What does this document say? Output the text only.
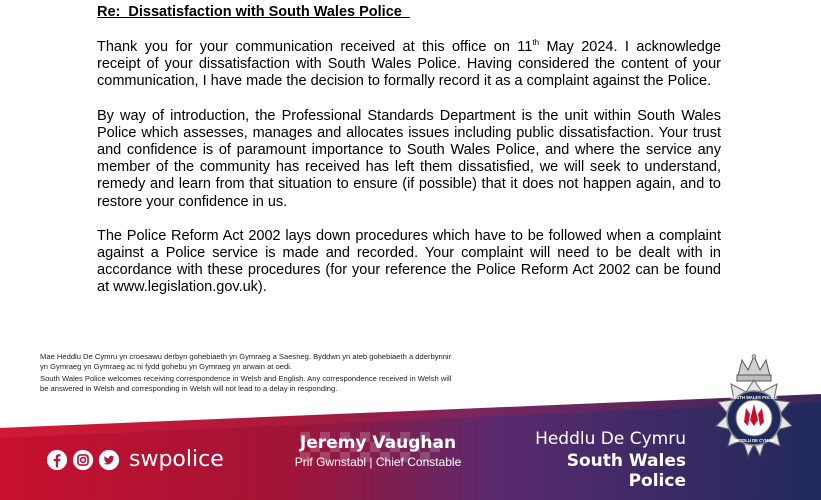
Re:  Dissatisfaction with South Wales Police

Thank you for your communication received at this office on 11th May 2024. I acknowledge receipt of your dissatisfaction with South Wales Police. Having considered the content of your communication, I have made the decision to formally record it as a complaint against the Police.

By way of introduction, the Professional Standards Department is the unit within South Wales Police which assesses, manages and allocates issues including public dissatisfaction. Your trust and confidence is of paramount importance to South Wales Police, and where the service any member of the community has received has left them dissatisfied, we will seek to understand, remedy and learn from that situation to ensure (if possible) that it does not happen again, and to restore your confidence in us.

The Police Reform Act 2002 lays down procedures which have to be followed when a complaint against a Police service is made and recorded. Your complaint will need to be dealt with in accordance with these procedures (for your reference the Police Reform Act 2002 can be found at www.legislation.gov.uk).

Mae Heddlu De Cymru yn croesawu derbyn gohebiaeth yn Gymraeg a Saesneg. Byddwn yn ateb gohebiaeth a dderbynnir yn Gymraeg yn Gymraeg ac ni fydd gohebu yn Gymraeg yn arwain at oedi.

South Wales Police welcomes receiving correspondence in Welsh and English. Any correspondence received in Welsh will be answered in Welsh and corresponding in Welsh will not lead to a delay in responding.

swpolice
Jeremy Vaughan
Prif Gwnstabl | Chief Constable
Heddlu De Cymru
South Wales Police
SOUTH WALES POLICE
HEDDLU DE CYMRU
